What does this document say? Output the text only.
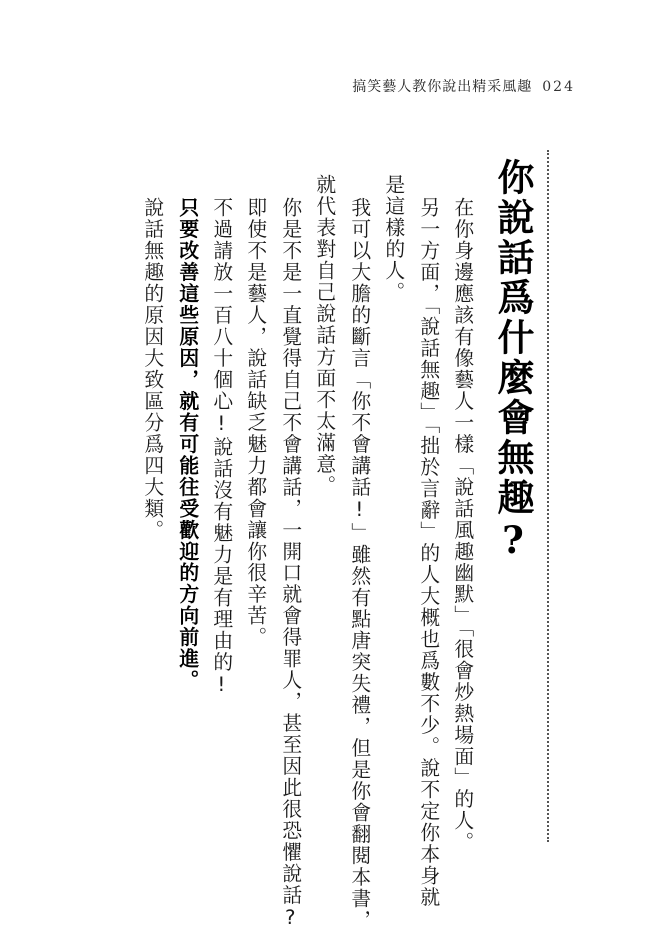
搞笑藝人教你說出精采風趣 024
你說話爲什麼會無趣?
在你身邊應該有像藝人一樣「說話風趣幽默」「很會炒熱場面」的人。
另一方面，「說話無趣」「拙於言辭」的人大概也爲數不少。說不定你本身就
是這樣的人。
我可以大膽的斷言「你不會講話!」雖然有點唐突失禮，但是你會翻閱本書，
就代表對自己說話方面不太滿意。
你是不是一直覺得自己不會講話，一開口就會得罪人，甚至因此很恐懼說話?
即使不是藝人，說話缺乏魅力都會讓你很辛苦。
不過請放一百八十個心!說話沒有魅力是有理由的!
只要改善這些原因，就有可能往受歡迎的方向前進。
說話無趣的原因大致區分爲四大類。
